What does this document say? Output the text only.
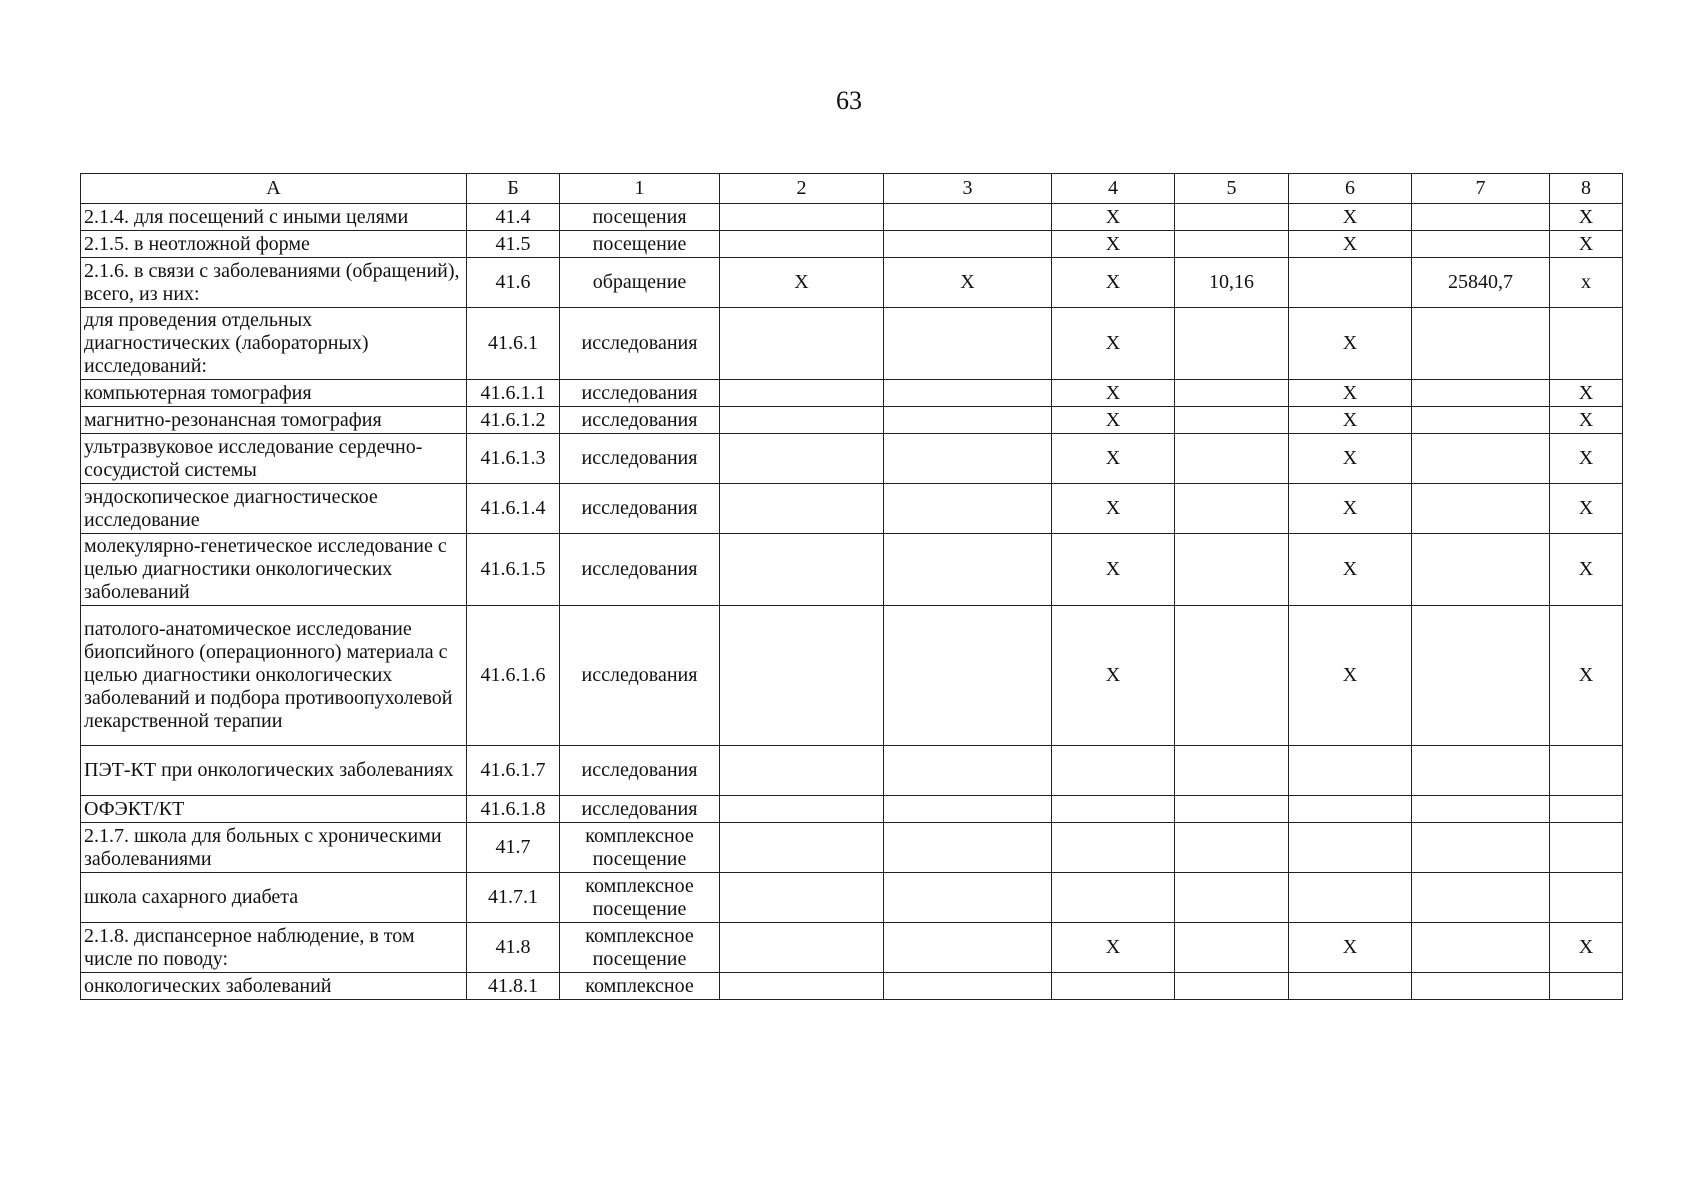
63
А	Б	1	2	3	4	5	6	7	8
2.1.4. для посещений с иными целями	41.4	посещения			X		X		X
2.1.5. в неотложной форме	41.5	посещение			X		X		X
2.1.6. в связи с заболеваниями (обращений), всего, из них:	41.6	обращение	X	X	X	10,16		25840,7	x
для проведения отдельных диагностических (лабораторных) исследований:	41.6.1	исследования			X		X		
компьютерная томография	41.6.1.1	исследования			X		X		X
магнитно-резонансная томография	41.6.1.2	исследования			X		X		X
ультразвуковое исследование сердечно-сосудистой системы	41.6.1.3	исследования			X		X		X
эндоскопическое диагностическое исследование	41.6.1.4	исследования			X		X		X
молекулярно-генетическое исследование с целью диагностики онкологических заболеваний	41.6.1.5	исследования			X		X		X
патолого-анатомическое исследование биопсийного (операционного) материала с целью диагностики онкологических заболеваний и подбора противоопухолевой лекарственной терапии	41.6.1.6	исследования			X		X		X
ПЭТ-КТ при онкологических заболеваниях	41.6.1.7	исследования							
ОФЭКТ/КТ	41.6.1.8	исследования							
2.1.7. школа для больных с хроническими заболеваниями	41.7	комплексное посещение							
школа сахарного диабета	41.7.1	комплексное посещение							
2.1.8. диспансерное наблюдение, в том числе по поводу:	41.8	комплексное посещение			X		X		X
онкологических заболеваний	41.8.1	комплексное							
